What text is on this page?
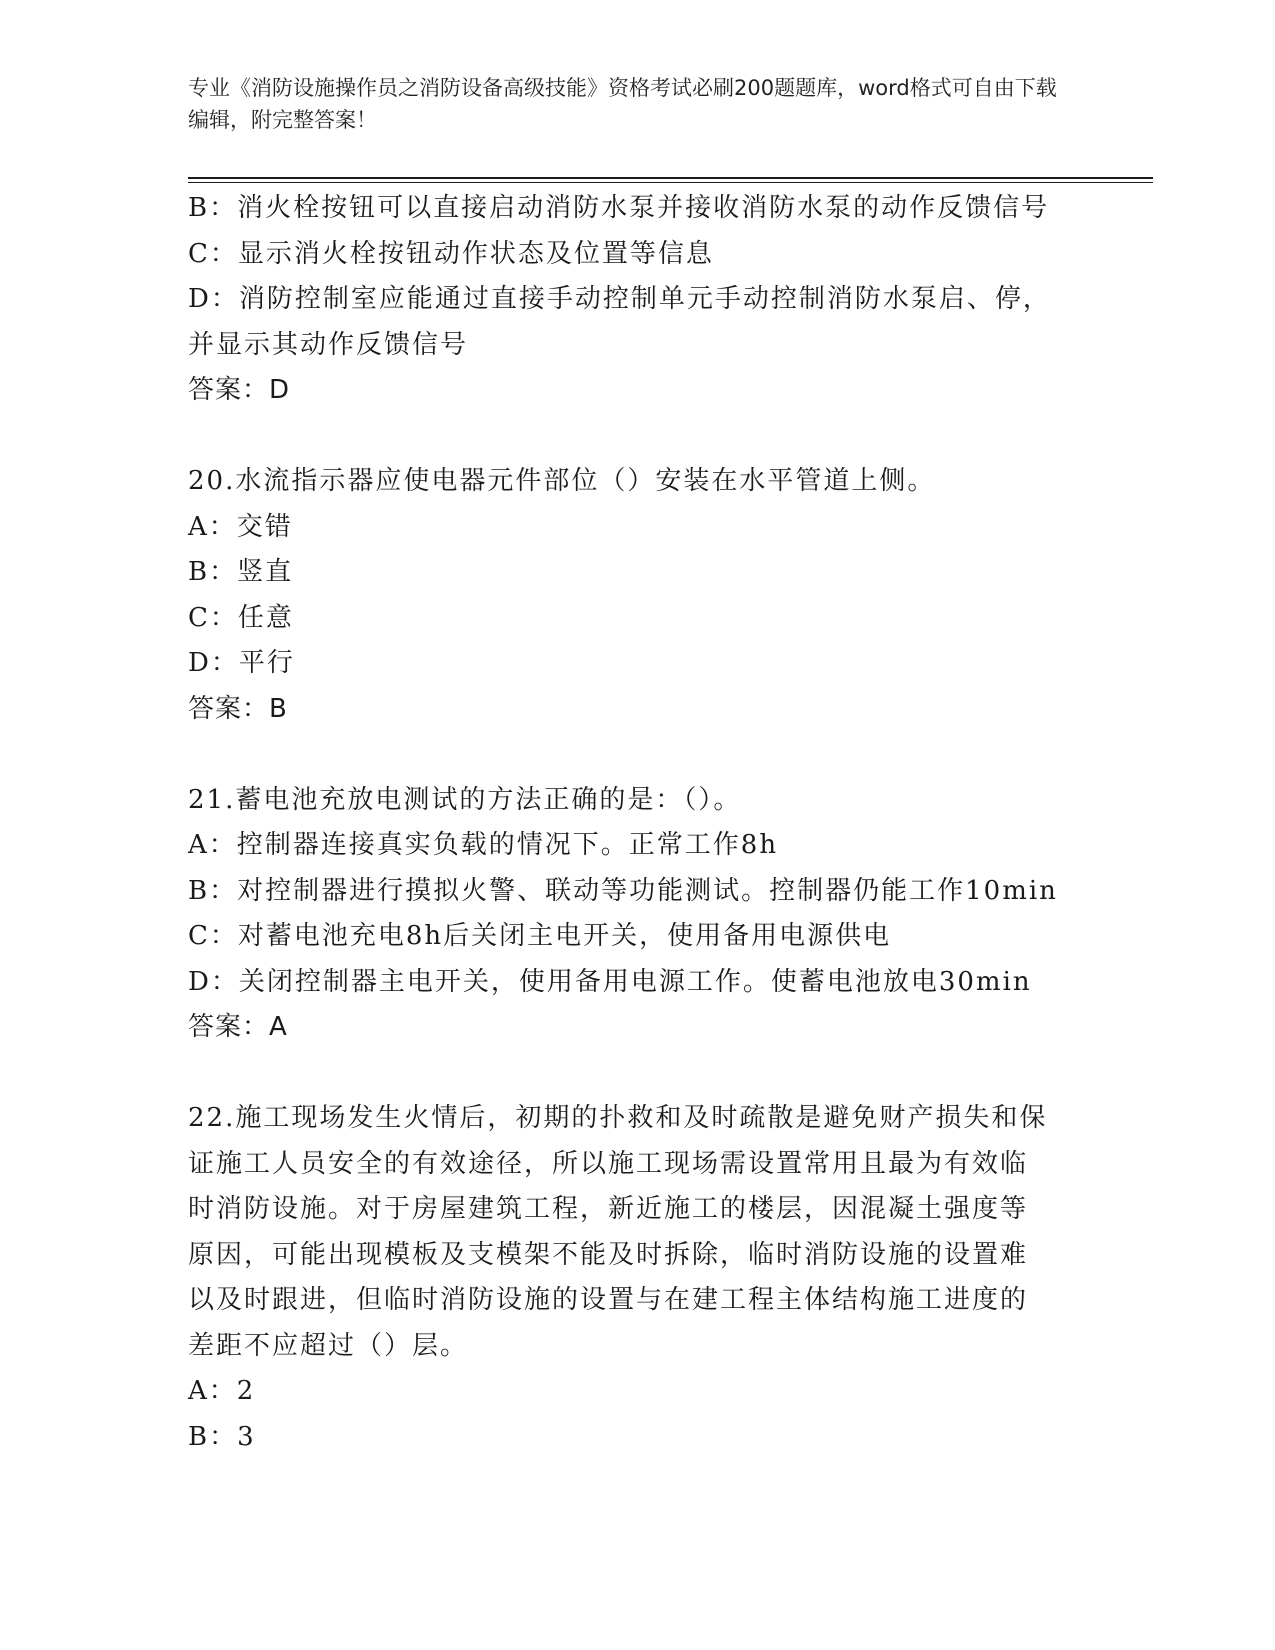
专业《消防设施操作员之消防设备高级技能》资格考试必刷200题题库，word格式可自由下载编辑，附完整答案！

B：消火栓按钮可以直接启动消防水泵并接收消防水泵的动作反馈信号

C：显示消火栓按钮动作状态及位置等信息

D：消防控制室应能通过直接手动控制单元手动控制消防水泵启、停，

并显示其动作反馈信号

答案：D

20.水流指示器应使电器元件部位（）安装在水平管道上侧。

A：交错

B：竖直

C：任意

D：平行

答案：B

21.蓄电池充放电测试的方法正确的是：（）。

A：控制器连接真实负载的情况下。正常工作8h

B：对控制器进行摸拟火警、联动等功能测试。控制器仍能工作10min

C：对蓄电池充电8h后关闭主电开关，使用备用电源供电

D：关闭控制器主电开关，使用备用电源工作。使蓄电池放电30min

答案：A

22.施工现场发生火情后，初期的扑救和及时疏散是避免财产损失和保

证施工人员安全的有效途径，所以施工现场需设置常用且最为有效临

时消防设施。对于房屋建筑工程，新近施工的楼层，因混凝土强度等

原因，可能出现模板及支模架不能及时拆除，临时消防设施的设置难

以及时跟进，但临时消防设施的设置与在建工程主体结构施工进度的

差距不应超过（）层。

A：2

B：3
